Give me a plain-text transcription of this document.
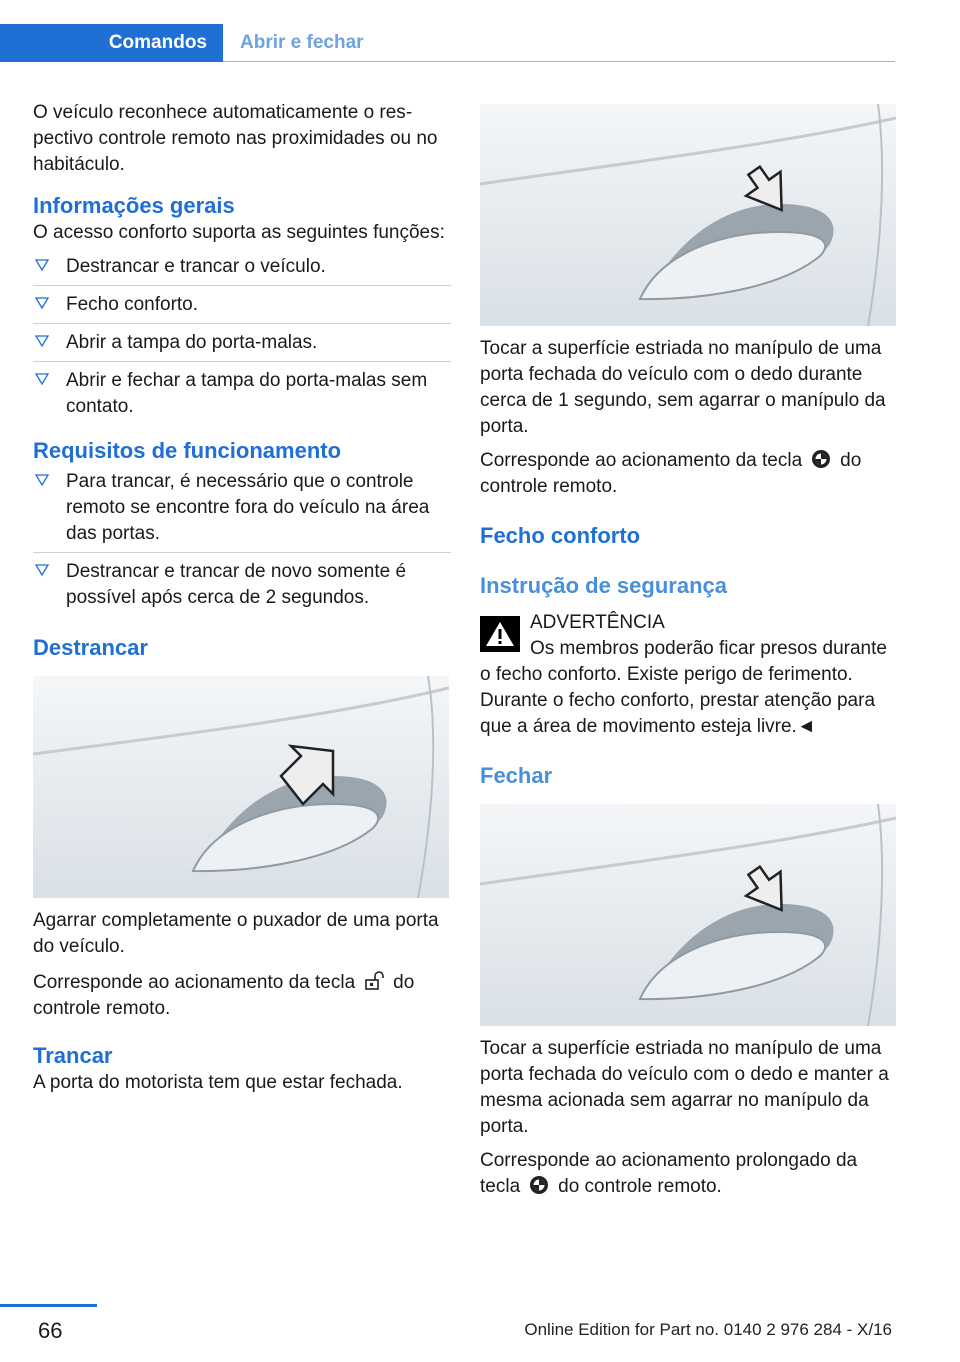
Comandos	Abrir e fechar

O veículo reconhece automaticamente o respectivo controle remoto nas proximidades ou no habitáculo.

Informações gerais

O acesso conforto suporta as seguintes funções:

Destrancar e trancar o veículo.
Fecho conforto.
Abrir a tampa do porta-malas.
Abrir e fechar a tampa do porta-malas sem contato.
Requisitos de funcionamento
Para trancar, é necessário que o controle remoto se encontre fora do veículo na área das portas.
Destrancar e trancar de novo somente é possível após cerca de 2 segundos.
Destrancar

Agarrar completamente o puxador de uma porta do veículo.

Corresponde ao acionamento da tecla do controle remoto.

Trancar

A porta do motorista tem que estar fechada.

Tocar a superfície estriada no manípulo de uma porta fechada do veículo com o dedo durante cerca de 1 segundo, sem agarrar o manípulo da porta.

Corresponde ao acionamento da tecla do controle remoto.

Fecho conforto
Instrução de segurança

ADVERTÊNCIA

Os membros poderão ficar presos durante o fecho conforto. Existe perigo de ferimento. Durante o fecho conforto, prestar atenção para que a área de movimento esteja livre.◄

Fechar

Tocar a superfície estriada no manípulo de uma porta fechada do veículo com o dedo e manter a mesma acionada sem agarrar no manípulo da porta.

Corresponde ao acionamento prolongado da tecla do controle remoto.

66	Online Edition for Part no. 0140 2 976 284 - X/16
